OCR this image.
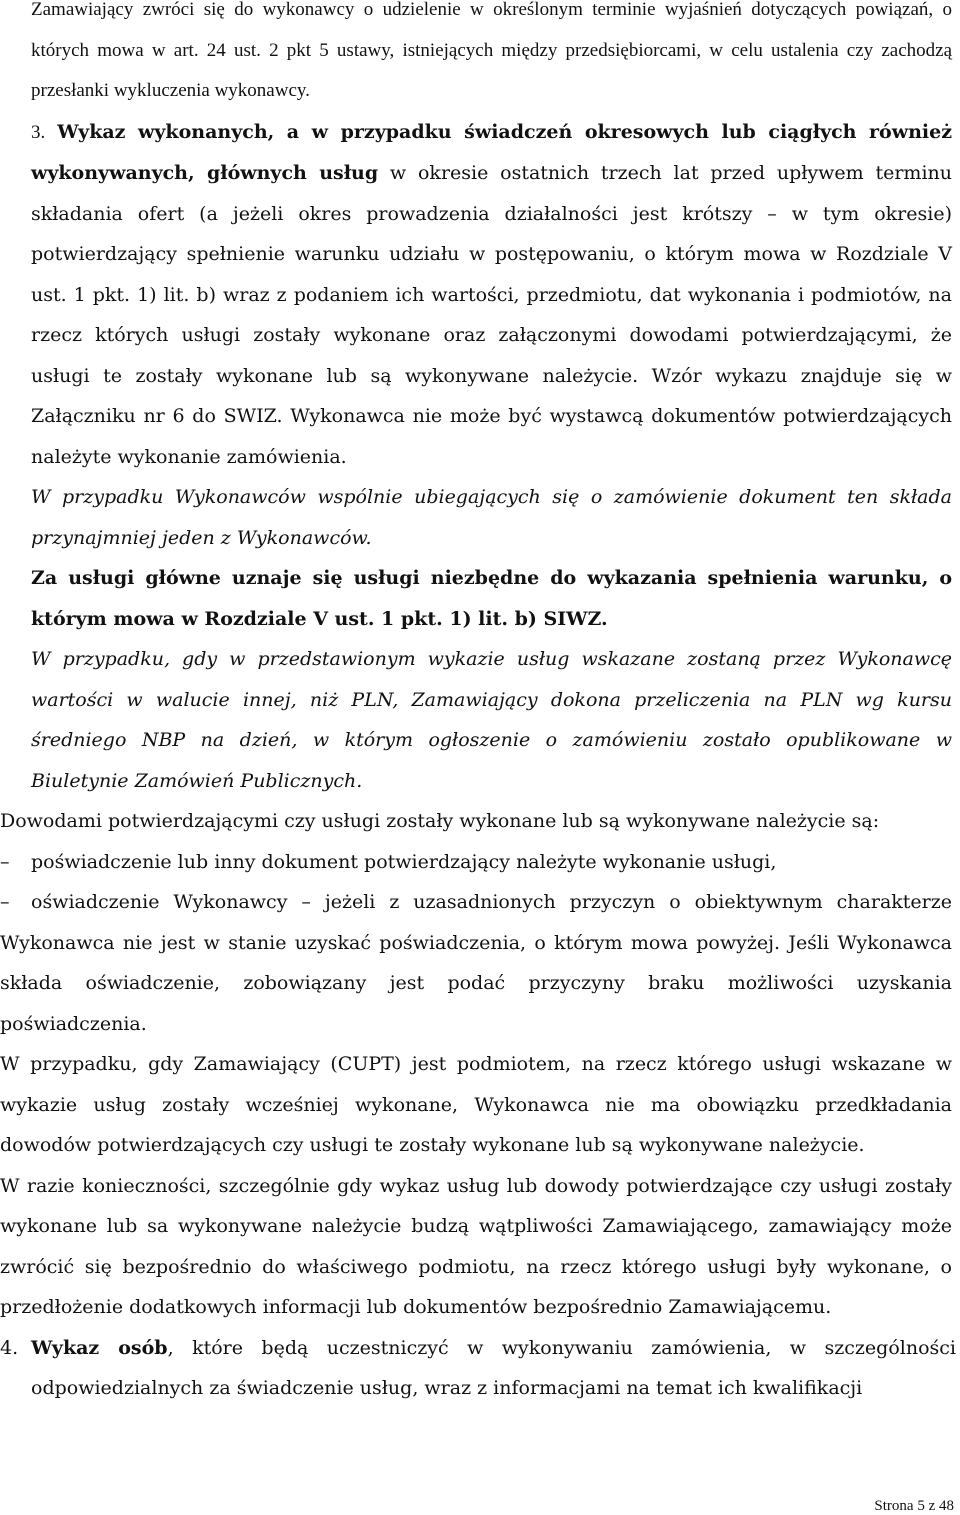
Zamawiający zwróci się do wykonawcy o udzielenie w określonym terminie wyjaśnień dotyczących powiązań, o których mowa w art. 24 ust. 2 pkt 5 ustawy, istniejących między przedsiębiorcami, w celu ustalenia czy zachodzą przesłanki wykluczenia wykonawcy.

3. Wykaz wykonanych, a w przypadku świadczeń okresowych lub ciągłych również wykonywanych, głównych usług w okresie ostatnich trzech lat przed upływem terminu składania ofert (a jeżeli okres prowadzenia działalności jest krótszy – w tym okresie) potwierdzający spełnienie warunku udziału w postępowaniu, o którym mowa w Rozdziale V ust. 1 pkt. 1) lit. b) wraz z podaniem ich wartości, przedmiotu, dat wykonania i podmiotów, na rzecz których usługi zostały wykonane oraz załączonymi dowodami potwierdzającymi, że usługi te zostały wykonane lub są wykonywane należycie. Wzór wykazu znajduje się w Załączniku nr 6 do SWIZ. Wykonawca nie może być wystawcą dokumentów potwierdzających należyte wykonanie zamówienia.

W przypadku Wykonawców wspólnie ubiegających się o zamówienie dokument ten składa przynajmniej jeden z Wykonawców.

Za usługi główne uznaje się usługi niezbędne do wykazania spełnienia warunku, o którym mowa w Rozdziale V ust. 1 pkt. 1) lit. b) SIWZ.

W przypadku, gdy w przedstawionym wykazie usług wskazane zostaną przez Wykonawcę wartości w walucie innej, niż PLN, Zamawiający dokona przeliczenia na PLN wg kursu średniego NBP na dzień, w którym ogłoszenie o zamówieniu zostało opublikowane w Biuletynie Zamówień Publicznych.

Dowodami potwierdzającymi czy usługi zostały wykonane lub są wykonywane należycie są:

– poświadczenie lub inny dokument potwierdzający należyte wykonanie usługi,

– oświadczenie Wykonawcy – jeżeli z uzasadnionych przyczyn o obiektywnym charakterze Wykonawca nie jest w stanie uzyskać poświadczenia, o którym mowa powyżej. Jeśli Wykonawca składa oświadczenie, zobowiązany jest podać przyczyny braku możliwości uzyskania poświadczenia.

W przypadku, gdy Zamawiający (CUPT) jest podmiotem, na rzecz którego usługi wskazane w wykazie usług zostały wcześniej wykonane, Wykonawca nie ma obowiązku przedkładania dowodów potwierdzających czy usługi te zostały wykonane lub są wykonywane należycie.

W razie konieczności, szczególnie gdy wykaz usług lub dowody potwierdzające czy usługi zostały wykonane lub sa wykonywane należycie budzą wątpliwości Zamawiającego, zamawiający może zwrócić się bezpośrednio do właściwego podmiotu, na rzecz którego usługi były wykonane, o przedłożenie dodatkowych informacji lub dokumentów bezpośrednio Zamawiającemu.

4. Wykaz osób, które będą uczestniczyć w wykonywaniu zamówienia, w szczególności odpowiedzialnych za świadczenie usług, wraz z informacjami na temat ich kwalifikacji

Strona 5 z 48
